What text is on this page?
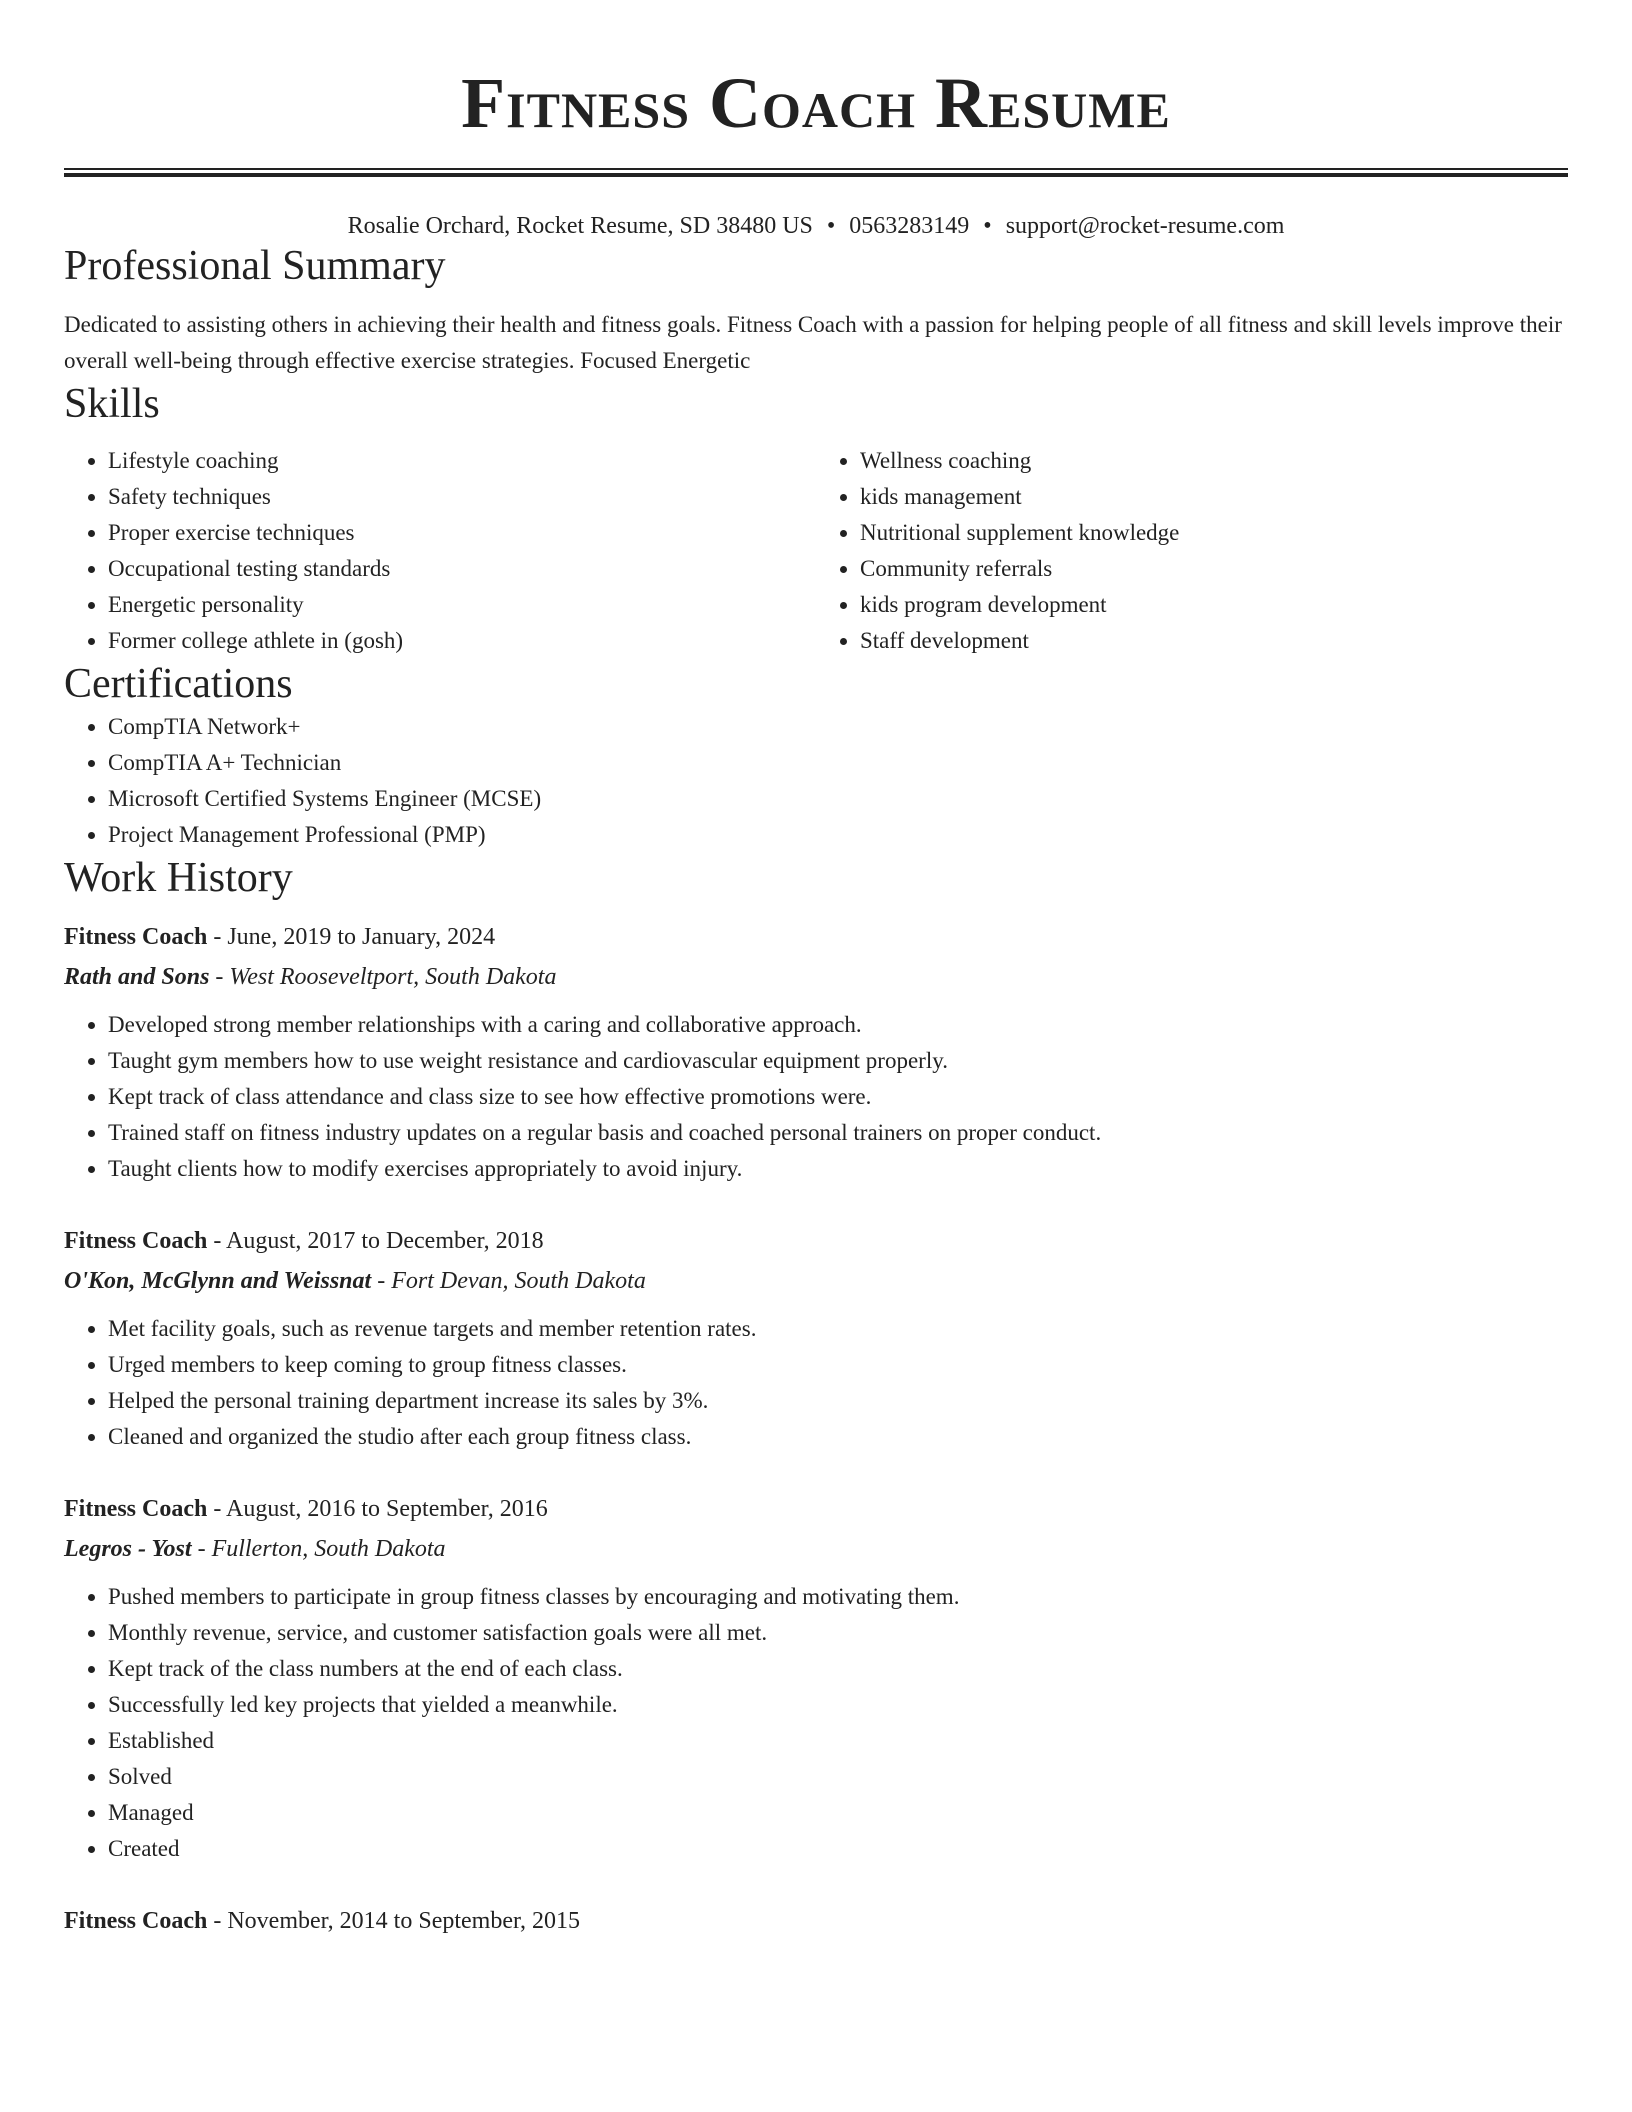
Fitness Coach Resume
Rosalie Orchard, Rocket Resume, SD 38480 US • 0563283149 • support@rocket-resume.com
Professional Summary

Dedicated to assisting others in achieving their health and fitness goals. Fitness Coach with a passion for helping people of all fitness and skill levels improve their overall well-being through effective exercise strategies. Focused Energetic

Skills
• Lifestyle coaching
• Safety techniques
• Proper exercise techniques
• Occupational testing standards
• Energetic personality
• Former college athlete in (gosh)
• Wellness coaching
• kids management
• Nutritional supplement knowledge
• Community referrals
• kids program development
• Staff development
Certifications
• CompTIA Network+
• CompTIA A+ Technician
• Microsoft Certified Systems Engineer (MCSE)
• Project Management Professional (PMP)
Work History
Fitness Coach - June, 2019 to January, 2024
Rath and Sons - West Rooseveltport, South Dakota
• Developed strong member relationships with a caring and collaborative approach.
• Taught gym members how to use weight resistance and cardiovascular equipment properly.
• Kept track of class attendance and class size to see how effective promotions were.
• Trained staff on fitness industry updates on a regular basis and coached personal trainers on proper conduct.
• Taught clients how to modify exercises appropriately to avoid injury.
Fitness Coach - August, 2017 to December, 2018
O'Kon, McGlynn and Weissnat - Fort Devan, South Dakota
• Met facility goals, such as revenue targets and member retention rates.
• Urged members to keep coming to group fitness classes.
• Helped the personal training department increase its sales by 3%.
• Cleaned and organized the studio after each group fitness class.
Fitness Coach - August, 2016 to September, 2016
Legros - Yost - Fullerton, South Dakota
• Pushed members to participate in group fitness classes by encouraging and motivating them.
• Monthly revenue, service, and customer satisfaction goals were all met.
• Kept track of the class numbers at the end of each class.
• Successfully led key projects that yielded a meanwhile.
• Established
• Solved
• Managed
• Created
Fitness Coach - November, 2014 to September, 2015
